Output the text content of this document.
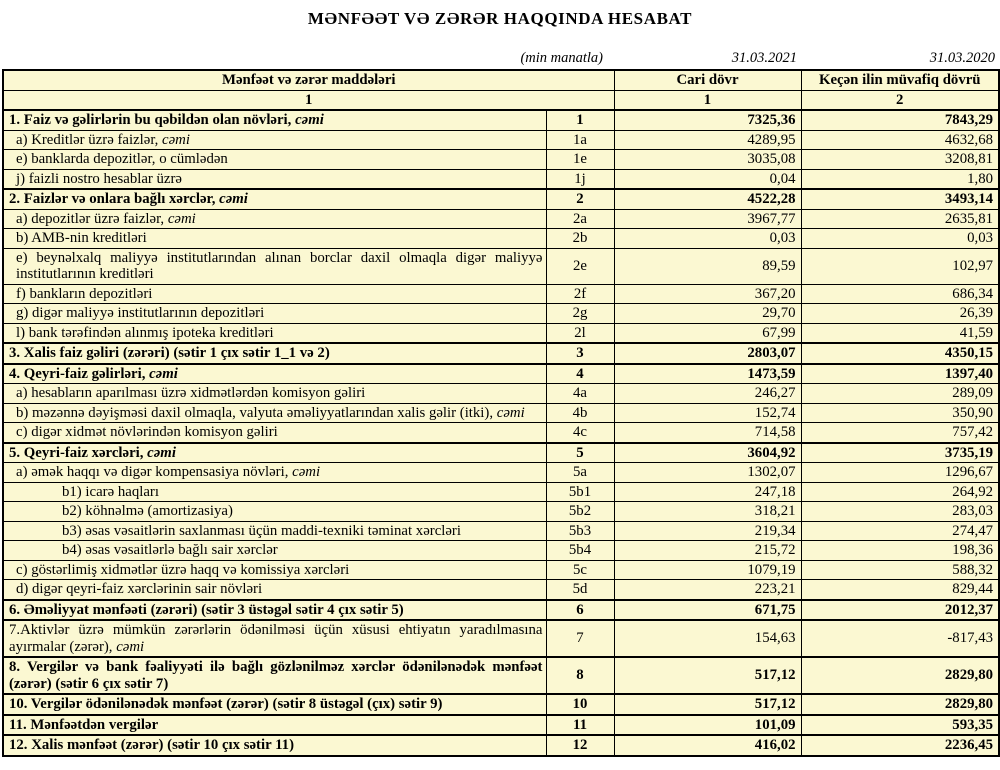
MƏNFƏƏT VƏ ZƏRƏR HAQQINDA HESABAT
(min manatla)	31.03.2021	31.03.2020
Mənfəət və zərər maddələri		Cari dövr	Keçən ilin müvafiq dövrü
1		1	2
1. Faiz və gəlirlərin bu qəbildən olan növləri, cəmi	1	7325,36	7843,29
a) Kreditlər üzrə faizlər, cəmi	1a	4289,95	4632,68
e) banklarda depozitlər, o cümlədən	1e	3035,08	3208,81
j) faizli nostro hesablar üzrə	1j	0,04	1,80
2. Faizlər və onlara bağlı xərclər, cəmi	2	4522,28	3493,14
a) depozitlər üzrə faizlər, cəmi	2a	3967,77	2635,81
b) AMB-nin kreditləri	2b	0,03	0,03
e) beynəlxalq maliyyə institutlarından alınan borclar daxil olmaqla digər maliyyə institutlarının kreditləri	2e	89,59	102,97
f) bankların depozitləri	2f	367,20	686,34
g) digər maliyyə institutlarının depozitləri	2g	29,70	26,39
l) bank tərəfindən alınmış ipoteka kreditləri	2l	67,99	41,59
3. Xalis faiz gəliri (zərəri) (sətir 1 çıx sətir 1_1 və 2)	3	2803,07	4350,15
4. Qeyri-faiz gəlirləri, cəmi	4	1473,59	1397,40
a) hesabların aparılması üzrə xidmətlərdən komisyon gəliri	4a	246,27	289,09
b) məzənnə dəyişməsi daxil olmaqla, valyuta əməliyyatlarından xalis gəlir (itki), cəmi	4b	152,74	350,90
c) digər xidmət növlərindən komisyon gəliri	4c	714,58	757,42
5. Qeyri-faiz xərcləri, cəmi	5	3604,92	3735,19
a) əmək haqqı və digər kompensasiya növləri, cəmi	5a	1302,07	1296,67
b1) icarə haqları	5b1	247,18	264,92
b2) köhnəlmə (amortizasiya)	5b2	318,21	283,03
b3) əsas vəsaitlərin saxlanması üçün maddi-texniki təminat xərcləri	5b3	219,34	274,47
b4) əsas vəsaitlərlə bağlı sair xərclər	5b4	215,72	198,36
c) göstərlimiş xidmətlər üzrə haqq və komissiya xərcləri	5c	1079,19	588,32
d) digər qeyri-faiz xərclərinin sair növləri	5d	223,21	829,44
6. Əməliyyat mənfəəti (zərəri) (sətir 3 üstəgəl sətir 4 çıx sətir 5)	6	671,75	2012,37
7.Aktivlər üzrə mümkün zərərlərin ödənilməsi üçün xüsusi ehtiyatın yaradılmasına ayırmalar (zərər), cəmi	7	154,63	-817,43
8. Vergilər və bank fəaliyyəti ilə bağlı gözlənilməz xərclər ödənilənədək mənfəət (zərər) (sətir 6 çıx sətir 7)	8	517,12	2829,80
10. Vergilər ödənilənədək mənfəət (zərər) (sətir 8 üstəgəl (çıx) sətir 9)	10	517,12	2829,80
11. Mənfəətdən vergilər	11	101,09	593,35
12. Xalis mənfəət (zərər) (sətir 10 çıx sətir 11)	12	416,02	2236,45
